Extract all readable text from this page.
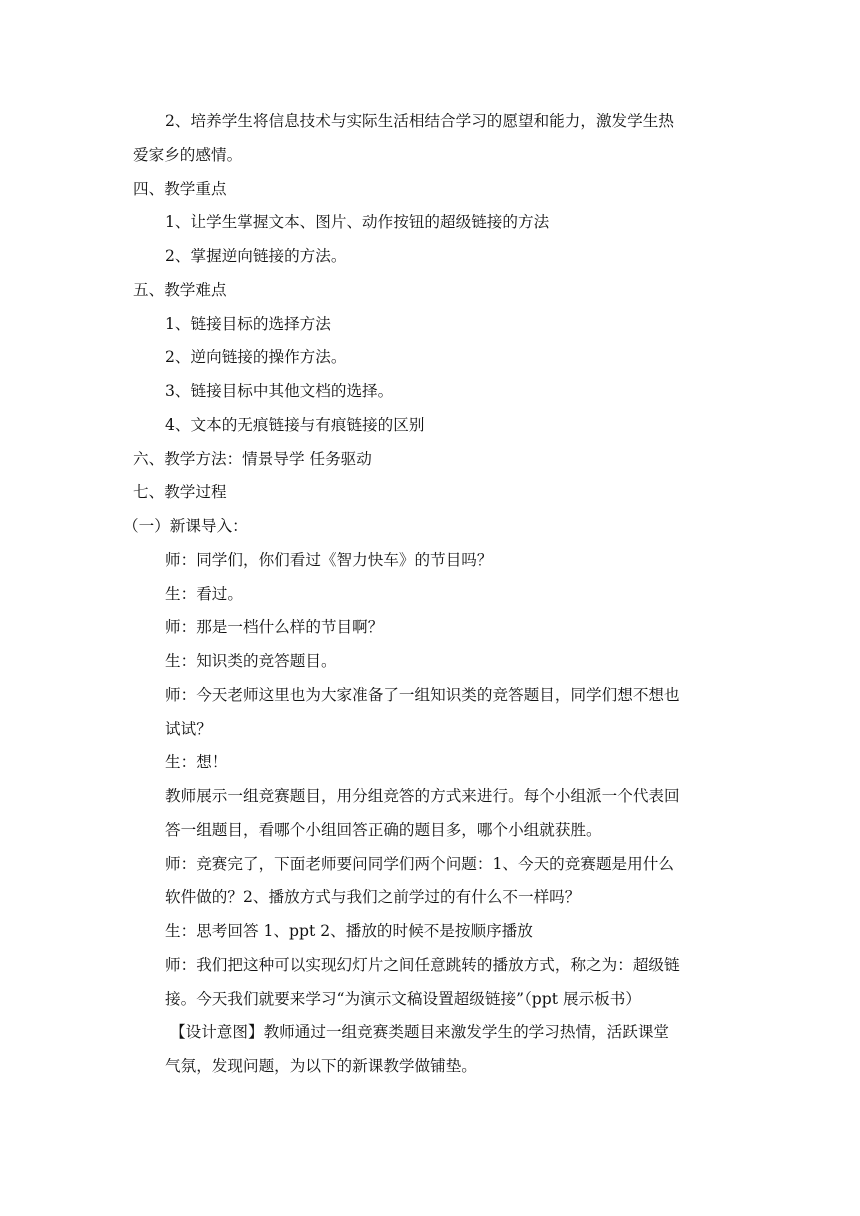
2、培养学生将信息技术与实际生活相结合学习的愿望和能力，激发学生热
爱家乡的感情。
四、教学重点
1、让学生掌握文本、图片、动作按钮的超级链接的方法
2、掌握逆向链接的方法。
五、教学难点
1、链接目标的选择方法
2、逆向链接的操作方法。
3、链接目标中其他文档的选择。
4、文本的无痕链接与有痕链接的区别
六、教学方法：情景导学 任务驱动
七、教学过程
（一）新课导入：
师：同学们，你们看过《智力快车》的节目吗？
生：看过。
师：那是一档什么样的节目啊？
生：知识类的竞答题目。
师：今天老师这里也为大家准备了一组知识类的竞答题目，同学们想不想也
试试？
生：想！
教师展示一组竞赛题目，用分组竞答的方式来进行。每个小组派一个代表回
答一组题目，看哪个小组回答正确的题目多，哪个小组就获胜。
师：竞赛完了，下面老师要问同学们两个问题：1、今天的竞赛题是用什么
软件做的？2、播放方式与我们之前学过的有什么不一样吗？
生：思考回答 1、ppt 2、播放的时候不是按顺序播放
师：我们把这种可以实现幻灯片之间任意跳转的播放方式，称之为：超级链
接。今天我们就要来学习“为演示文稿设置超级链接”（ppt 展示板书）
【设计意图】教师通过一组竞赛类题目来激发学生的学习热情，活跃课堂
气氛，发现问题，为以下的新课教学做铺垫。
